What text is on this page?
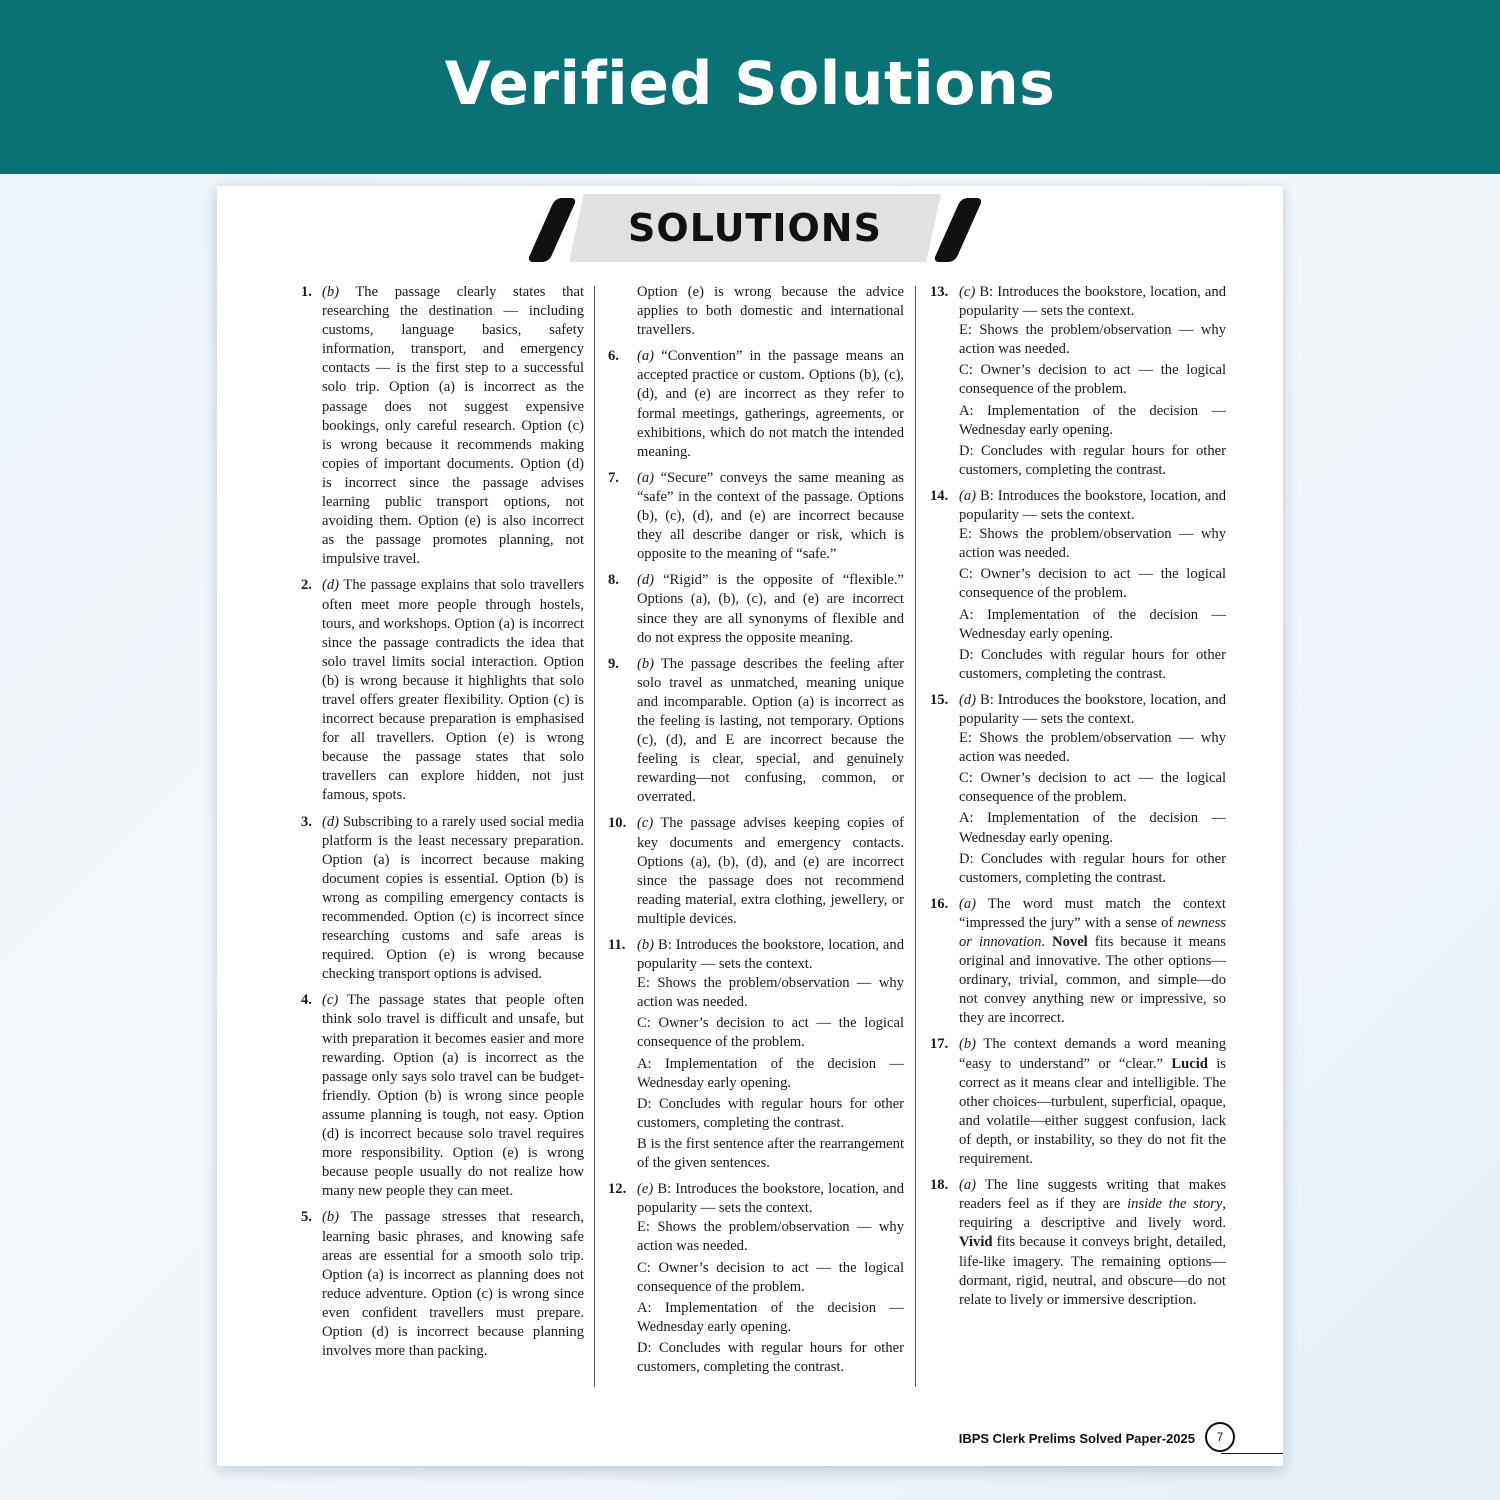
Verified Solutions
SOLUTIONS
1. (b) The passage clearly states that researching the destination — including customs, language basics, safety information, transport, and emergency contacts — is the first step to a successful solo trip. Option (a) is incorrect as the passage does not suggest expensive bookings, only careful research. Option (c) is wrong because it recommends making copies of important documents. Option (d) is incorrect since the passage advises learning public transport options, not avoiding them. Option (e) is also incorrect as the passage promotes planning, not impulsive travel.
2. (d) The passage explains that solo travellers often meet more people through hostels, tours, and workshops. Option (a) is incorrect since the passage contradicts the idea that solo travel limits social interaction. Option (b) is wrong because it highlights that solo travel offers greater flexibility. Option (c) is incorrect because preparation is emphasised for all travellers. Option (e) is wrong because the passage states that solo travellers can explore hidden, not just famous, spots.
3. (d) Subscribing to a rarely used social media platform is the least necessary preparation. Option (a) is incorrect because making document copies is essential. Option (b) is wrong as compiling emergency contacts is recommended. Option (c) is incorrect since researching customs and safe areas is required. Option (e) is wrong because checking transport options is advised.
4. (c) The passage states that people often think solo travel is difficult and unsafe, but with preparation it becomes easier and more rewarding. Option (a) is incorrect as the passage only says solo travel can be budget-friendly. Option (b) is wrong since people assume planning is tough, not easy. Option (d) is incorrect because solo travel requires more responsibility. Option (e) is wrong because people usually do not realize how many new people they can meet.
5. (b) The passage stresses that research, learning basic phrases, and knowing safe areas are essential for a smooth solo trip. Option (a) is incorrect as planning does not reduce adventure. Option (c) is wrong since even confident travellers must prepare. Option (d) is incorrect because planning involves more than packing.
Option (e) is wrong because the advice applies to both domestic and international travellers.
6. (a) “Convention” in the passage means an accepted practice or custom. Options (b), (c), (d), and (e) are incorrect as they refer to formal meetings, gatherings, agreements, or exhibitions, which do not match the intended meaning.
7. (a) “Secure” conveys the same meaning as “safe” in the context of the passage. Options (b), (c), (d), and (e) are incorrect because they all describe danger or risk, which is opposite to the meaning of “safe.”
8. (d) “Rigid” is the opposite of “flexible.” Options (a), (b), (c), and (e) are incorrect since they are all synonyms of flexible and do not express the opposite meaning.
9. (b) The passage describes the feeling after solo travel as unmatched, meaning unique and incomparable. Option (a) is incorrect as the feeling is lasting, not temporary. Options (c), (d), and E are incorrect because the feeling is clear, special, and genuinely rewarding—not confusing, common, or overrated.
10. (c) The passage advises keeping copies of key documents and emergency contacts. Options (a), (b), (d), and (e) are incorrect since the passage does not recommend reading material, extra clothing, jewellery, or multiple devices.
11. (b) B: Introduces the bookstore, location, and popularity — sets the context.
E: Shows the problem/observation — why action was needed.
C: Owner’s decision to act — the logical consequence of the problem.
A: Implementation of the decision — Wednesday early opening.
D: Concludes with regular hours for other customers, completing the contrast.
B is the first sentence after the rearrangement of the given sentences.
12. (e) B: Introduces the bookstore, location, and popularity — sets the context.
E: Shows the problem/observation — why action was needed.
C: Owner’s decision to act — the logical consequence of the problem.
A: Implementation of the decision — Wednesday early opening.
D: Concludes with regular hours for other customers, completing the contrast.
13. (c) B: Introduces the bookstore, location, and popularity — sets the context.
E: Shows the problem/observation — why action was needed.
C: Owner’s decision to act — the logical consequence of the problem.
A: Implementation of the decision — Wednesday early opening.
D: Concludes with regular hours for other customers, completing the contrast.
14. (a) B: Introduces the bookstore, location, and popularity — sets the context.
E: Shows the problem/observation — why action was needed.
C: Owner’s decision to act — the logical consequence of the problem.
A: Implementation of the decision — Wednesday early opening.
D: Concludes with regular hours for other customers, completing the contrast.
15. (d) B: Introduces the bookstore, location, and popularity — sets the context.
E: Shows the problem/observation — why action was needed.
C: Owner’s decision to act — the logical consequence of the problem.
A: Implementation of the decision — Wednesday early opening.
D: Concludes with regular hours for other customers, completing the contrast.
16. (a) The word must match the context “impressed the jury” with a sense of newness or innovation. Novel fits because it means original and innovative. The other options—ordinary, trivial, common, and simple—do not convey anything new or impressive, so they are incorrect.
17. (b) The context demands a word meaning “easy to understand” or “clear.” Lucid is correct as it means clear and intelligible. The other choices—turbulent, superficial, opaque, and volatile—either suggest confusion, lack of depth, or instability, so they do not fit the requirement.
18. (a) The line suggests writing that makes readers feel as if they are inside the story, requiring a descriptive and lively word. Vivid fits because it conveys bright, detailed, life-like imagery. The remaining options—dormant, rigid, neutral, and obscure—do not relate to lively or immersive description.
IBPS Clerk Prelims Solved Paper-2025	7
